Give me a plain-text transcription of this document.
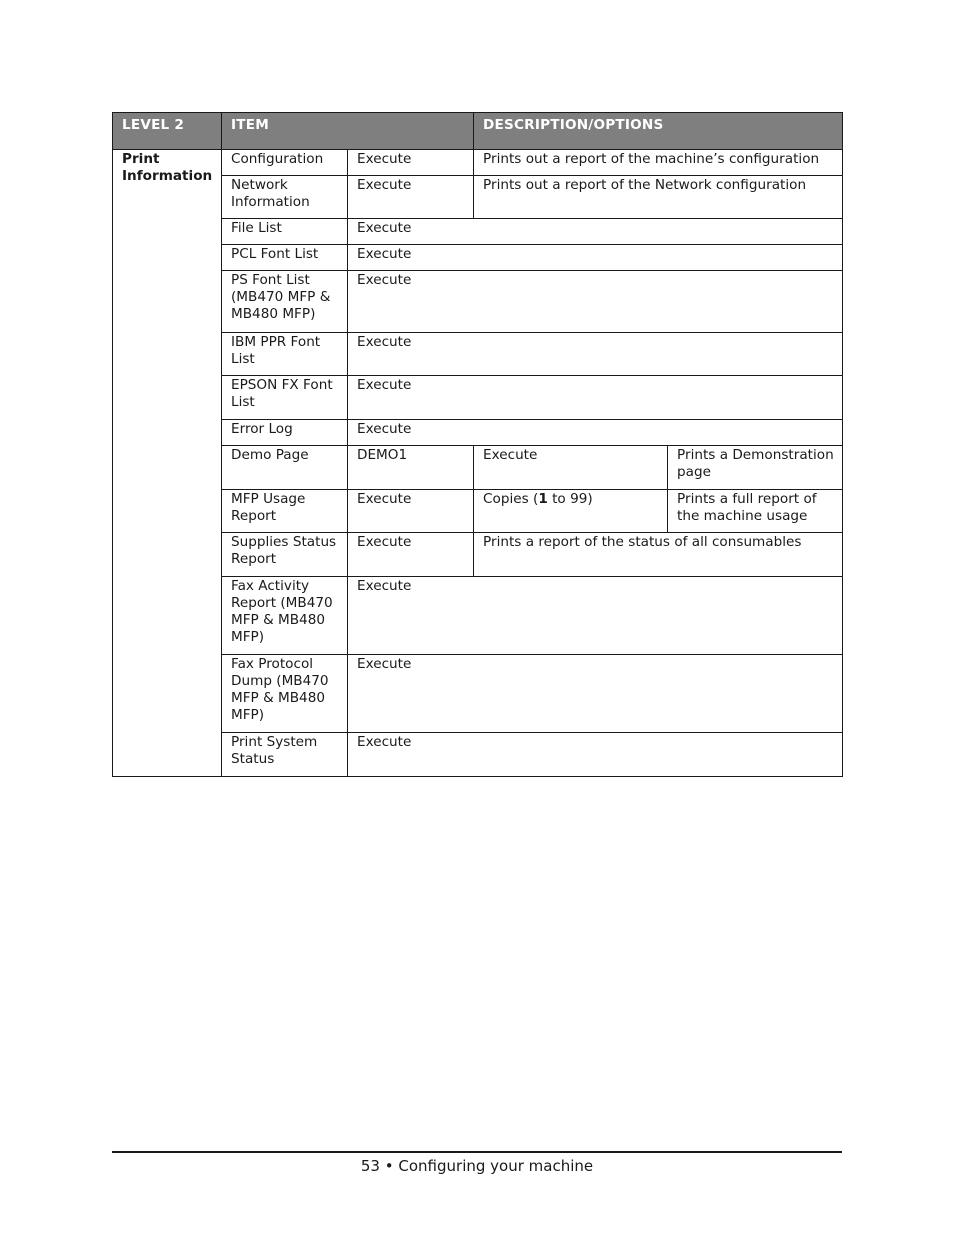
LEVEL 2	ITEM		DESCRIPTION/OPTIONS	
Print Information	Configuration	Execute	Prints out a report of the machine’s configuration	
	Network Information	Execute	Prints out a report of the Network configuration	
	File List	Execute		
	PCL Font List	Execute		
	PS Font List (MB470 MFP & MB480 MFP)	Execute		
	IBM PPR Font List	Execute		
	EPSON FX Font List	Execute		
	Error Log	Execute		
	Demo Page	DEMO1	Execute	Prints a Demonstration page
	MFP Usage Report	Execute	Copies (1 to 99)	Prints a full report of the machine usage
	Supplies Status Report	Execute	Prints a report of the status of all consumables	
	Fax Activity Report (MB470 MFP & MB480 MFP)	Execute		
	Fax Protocol Dump (MB470 MFP & MB480 MFP)	Execute		
	Print System Status	Execute		
53 • Configuring your machine
